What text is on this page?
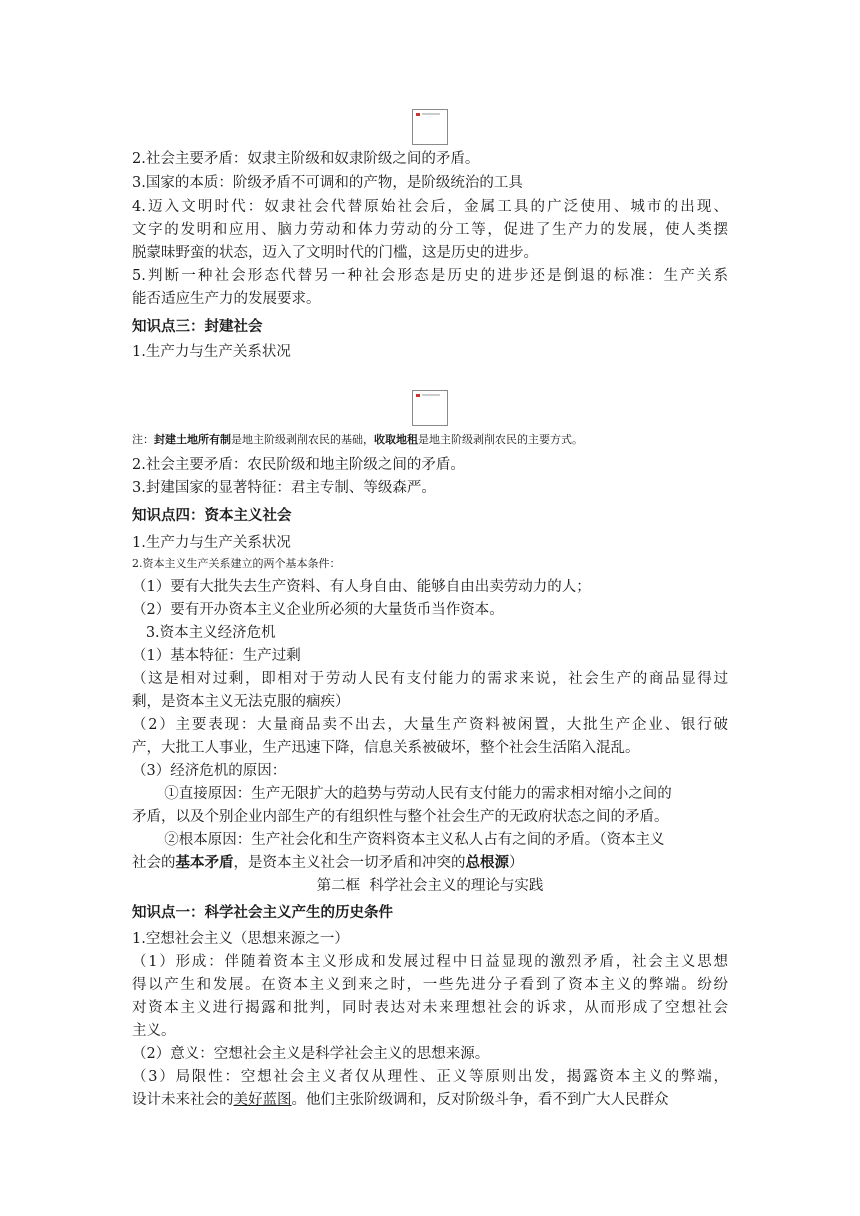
2.社会主要矛盾：奴隶主阶级和奴隶阶级之间的矛盾。
3.国家的本质：阶级矛盾不可调和的产物，是阶级统治的工具
4.迈入文明时代：奴隶社会代替原始社会后，金属工具的广泛使用、城市的出现、
文字的发明和应用、脑力劳动和体力劳动的分工等，促进了生产力的发展，使人类摆
脱蒙昧野蛮的状态，迈入了文明时代的门槛，这是历史的进步。
5.判断一种社会形态代替另一种社会形态是历史的进步还是倒退的标准：生产关系
能否适应生产力的发展要求。
知识点三：封建社会
1.生产力与生产关系状况
注：封建土地所有制是地主阶级剥削农民的基础，收取地租是地主阶级剥削农民的主要方式。
2.社会主要矛盾：农民阶级和地主阶级之间的矛盾。
3.封建国家的显著特征：君主专制、等级森严。
知识点四：资本主义社会
1.生产力与生产关系状况
2.资本主义生产关系建立的两个基本条件：
（1）要有大批失去生产资料、有人身自由、能够自由出卖劳动力的人；
（2）要有开办资本主义企业所必须的大量货币当作资本。
3.资本主义经济危机
（1）基本特征：生产过剩
（这是相对过剩，即相对于劳动人民有支付能力的需求来说，社会生产的商品显得过
剩，是资本主义无法克服的痼疾）
（2）主要表现：大量商品卖不出去，大量生产资料被闲置，大批生产企业、银行破
产，大批工人事业，生产迅速下降，信息关系被破坏，整个社会生活陷入混乱。
（3）经济危机的原因：
①直接原因：生产无限扩大的趋势与劳动人民有支付能力的需求相对缩小之间的
矛盾，以及个别企业内部生产的有组织性与整个社会生产的无政府状态之间的矛盾。
②根本原因：生产社会化和生产资料资本主义私人占有之间的矛盾。（资本主义
社会的基本矛盾，是资本主义社会一切矛盾和冲突的总根源）
第二框  科学社会主义的理论与实践
知识点一：科学社会主义产生的历史条件
1.空想社会主义（思想来源之一）
（1）形成：伴随着资本主义形成和发展过程中日益显现的激烈矛盾，社会主义思想
得以产生和发展。在资本主义到来之时，一些先进分子看到了资本主义的弊端。纷纷
对资本主义进行揭露和批判，同时表达对未来理想社会的诉求，从而形成了空想社会
主义。
（2）意义：空想社会主义是科学社会主义的思想来源。
（3）局限性：空想社会主义者仅从理性、正义等原则出发，揭露资本主义的弊端，
设计未来社会的美好蓝图。他们主张阶级调和，反对阶级斗争，看不到广大人民群众
